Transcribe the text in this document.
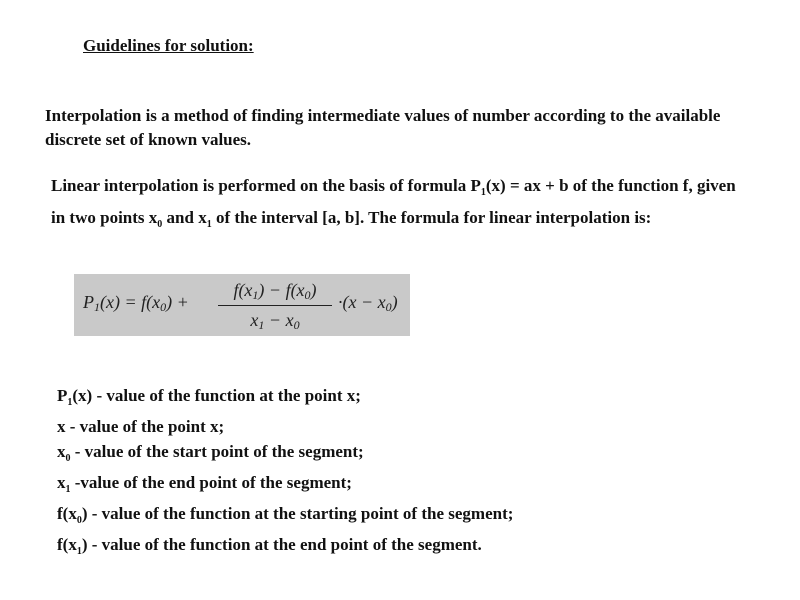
Guidelines for solution:
Interpolation is a method of finding intermediate values of number according to the available discrete set of known values.
Linear interpolation is performed on the basis of formula $P_1(x)$ = ax + b of the function f, given in two points $x_0$ and $x_1$ of the interval [a, b]. The formula for linear interpolation is:
$P_1(x) = f(x_0)$ +
$f(x_1) - f(x_0)$
$x_1 - x_0$
$\cdot(x - x_0)$
$P_1(x)$ - value of the function at the point x;
x - value of the point x;
$x_0$ - value of the start point of the segment;
$x_1$ -value of the end point of the segment;
$f(x_0)$ - value of the function at the starting point of the segment;
$f(x_1)$ - value of the function at the end point of the segment.
